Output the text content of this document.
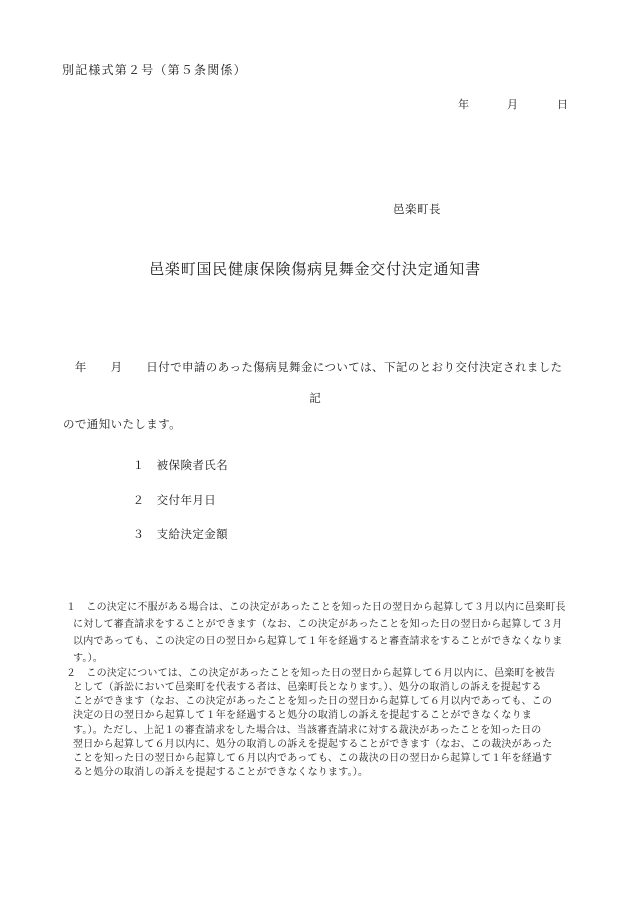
別記様式第２号（第５条関係）

年

	月

	日

邑楽町長
邑楽町国民健康保険傷病見舞金交付決定通知書

　年　　月　　日付で申請のあった傷病見舞金については、下記のとおり交付決定されました

ので通知いたします。

記

１ 被保険者氏名

２ 交付年月日

３ 支給決定金額

１　この決定に不服がある場合は、この決定があったことを知った日の翌日から起算して３月以内に邑楽町長
に対して審査請求をすることができます（なお、この決定があったことを知った日の翌日から起算して３月
以内であっても、この決定の日の翌日から起算して１年を経過すると審査請求をすることができなくなりま
す。）。
２　この決定については、この決定があったことを知った日の翌日から起算して６月以内に、邑楽町を被告
として（訴訟において邑楽町を代表する者は、邑楽町長となります。）、処分の取消しの訴えを提起する
ことができます（なお、この決定があったことを知った日の翌日から起算して６月以内であっても、この
決定の日の翌日から起算して１年を経過すると処分の取消しの訴えを提起することができなくなりま
す。）。ただし、上記１の審査請求をした場合は、当該審査請求に対する裁決があったことを知った日の
翌日から起算して６月以内に、処分の取消しの訴えを提起することができます（なお、この裁決があった
ことを知った日の翌日から起算して６月以内であっても、この裁決の日の翌日から起算して１年を経過す
ると処分の取消しの訴えを提起することができなくなります。）。
